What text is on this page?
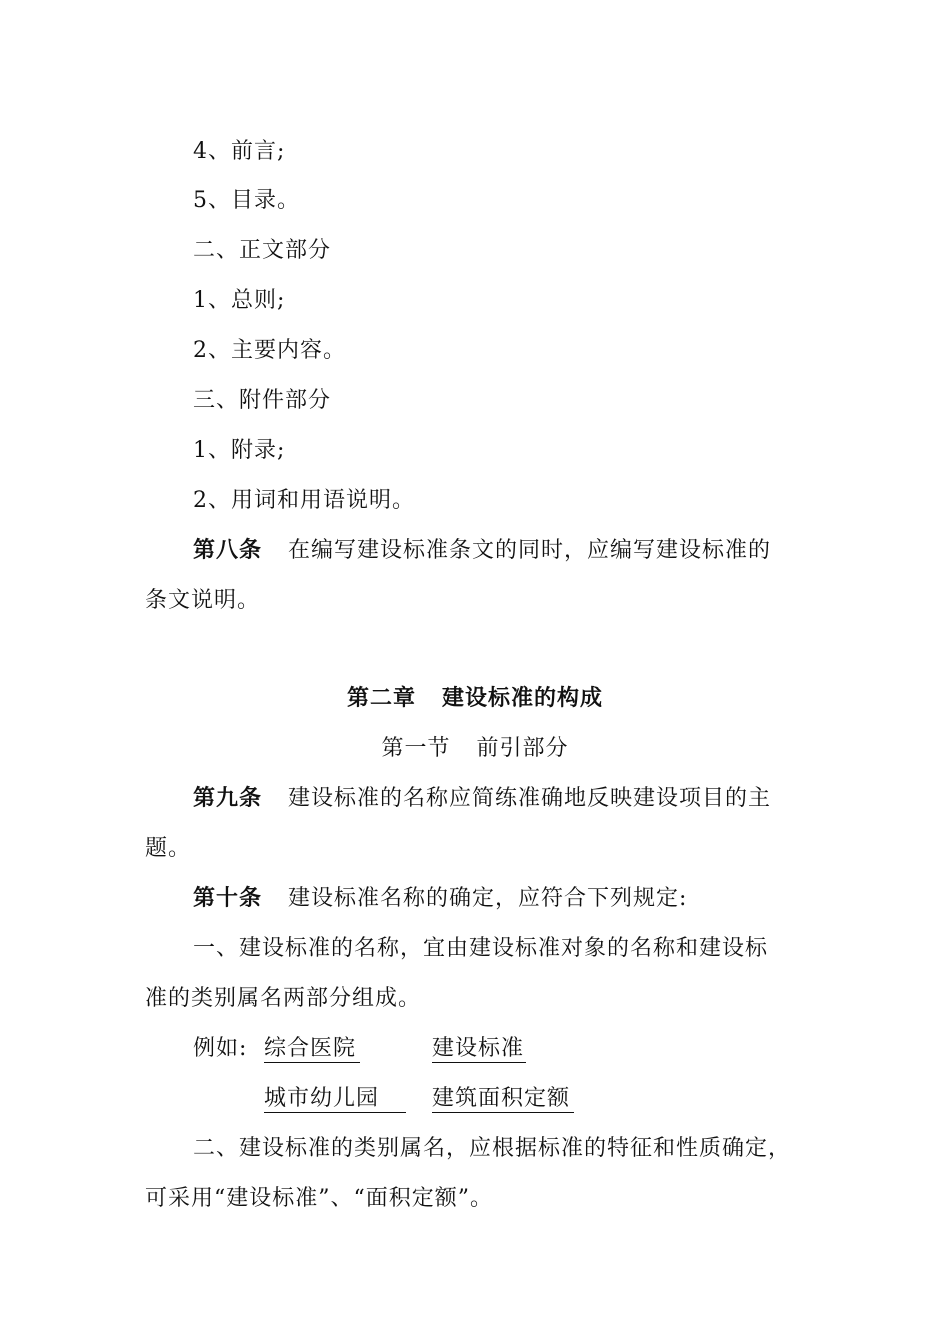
4、前言;
5、目录。
二、正文部分
1、总则;
2、主要内容。
三、附件部分
1、附录;
2、用词和用语说明。
第八条 在编写建设标准条文的同时，应编写建设标准的
条文说明。
第二章 建设标准的构成
第一节 前引部分
第九条 建设标准的名称应简练准确地反映建设项目的主
题。
第十条 建设标准名称的确定，应符合下列规定:
一、建设标准的名称，宜由建设标准对象的名称和建设标
准的类别属名两部分组成。
例如: 综合医院	建设标准
城市幼儿园	建筑面积定额
二、建设标准的类别属名，应根据标准的特征和性质确定，
可采用“建设标准”、“面积定额”。
